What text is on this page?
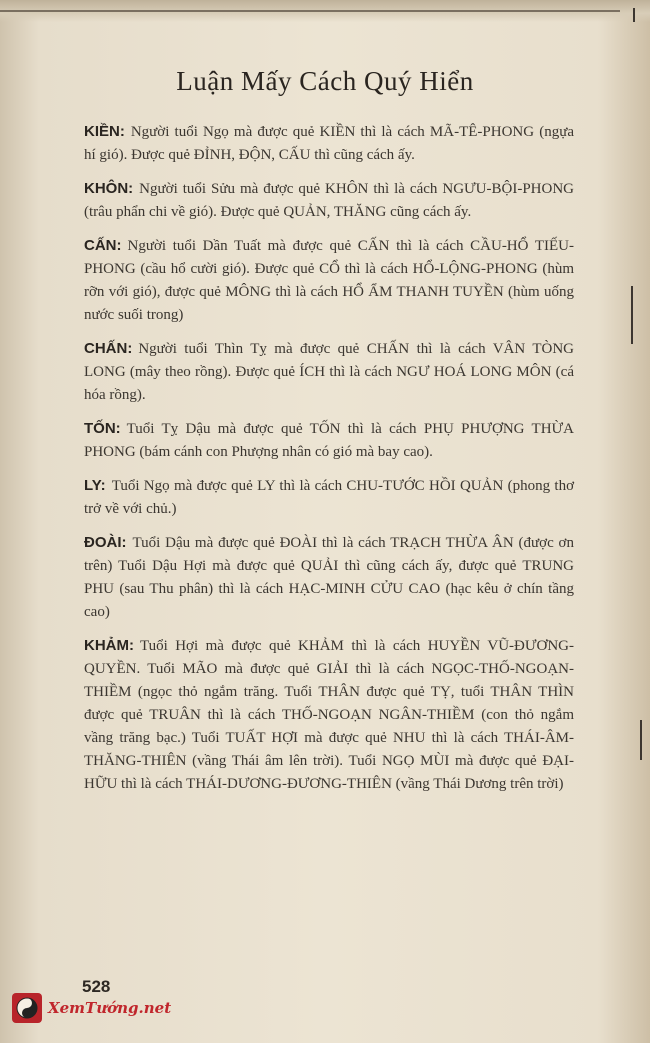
Luận Mấy Cách Quý Hiển

KIỀN: Người tuổi Ngọ mà được quẻ KIỀN thì là cách MÃ-TÊ-PHONG (ngựa hí gió). Được quẻ ĐỈNH, ĐỘN, CẤU thì cũng cách ấy.

KHÔN: Người tuổi Sửu mà được quẻ KHÔN thì là cách NGƯU-BỘI-PHONG (trâu phẩn chi về gió). Được quẻ QUẢN, THĂNG cũng cách ấy.

CẤN: Người tuổi Dần Tuất mà được quẻ CẤN thì là cách CẦU-HỔ TIẾU-PHONG (cầu hổ cười gió). Được quẻ CỔ thì là cách HỔ-LỘNG-PHONG (hùm rỡn với gió), được quẻ MÔNG thì là cách HỔ ẨM THANH TUYỀN (hùm uống nước suối trong)

CHẤN: Người tuổi Thìn Tỵ mà được quẻ CHẤN thì là cách VÂN TÒNG LONG (mây theo rồng). Được quẻ ÍCH thì là cách NGƯ HOÁ LONG MÔN (cá hóa rồng).

TỐN: Tuổi Tỵ Dậu mà được quẻ TỐN thì là cách PHỤ PHƯỢNG THỪA PHONG (bám cánh con Phượng nhân có gió mà bay cao).

LY: Tuổi Ngọ mà được quẻ LY thì là cách CHU-TƯỚC HỒI QUẢN (phong thơ trở về với chủ.)

ĐOÀI: Tuổi Dậu mà được quẻ ĐOÀI thì là cách TRẠCH THỪA ÂN (được ơn trên) Tuổi Dậu Hợi mà được quẻ QUẢI thì cũng cách ấy, được quẻ TRUNG PHU (sau Thu phân) thì là cách HẠC-MINH CỬU CAO (hạc kêu ở chín tầng cao)

KHẢM: Tuổi Hợi mà được quẻ KHẢM thì là cách HUYỀN VŨ-ĐƯƠNG-QUYỀN. Tuổi MÃO mà được quẻ GIẢI thì là cách NGỌC-THỐ-NGOẠN-THIỀM (ngọc thỏ ngắm trăng. Tuổi THÂN được quẻ TỴ, tuổi THÂN THÌN được quẻ TRUÂN thì là cách THỐ-NGOẠN NGÂN-THIỀM (con thỏ ngắm vầng trăng bạc.) Tuổi TUẤT HỢI mà được quẻ NHU thì là cách THÁI-ÂM-THĂNG-THIÊN (vầng Thái âm lên trời). Tuổi NGỌ MÙI mà được quẻ ĐẠI-HỮU thì là cách THÁI-DƯƠNG-ĐƯƠNG-THIÊN (vầng Thái Dương trên trời)

528
XemTướng.net
